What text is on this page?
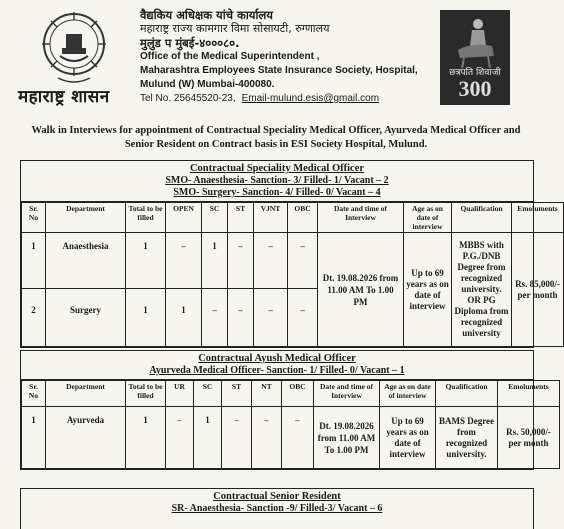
महाराष्ट्र शासन
वैद्यकिय अधिक्षक यांचे कार्यालय
महाराष्ट्र राज्य कामगार विमा सोसायटी, रुग्णालय
मुलुंड प मुंबई-४०००८०.
Office of the Medical Superintendent ,
Maharashtra Employees State Insurance Society, Hospital,
Mulund (W) Mumbai-400080.
Tel No. 25645520-23, Email-mulund.esis@gmail.com
छत्रपति शिवाजी
300
Walk in Interviews for appointment of Contractual Speciality Medical Officer, Ayurveda Medical Officer and Senior Resident on Contract basis in ESI Society Hospital, Mulund.
Contractual Speciality Medical Officer
SMO- Anaesthesia- Sanction- 3/ Filled- 1/ Vacant – 2
SMO- Surgery- Sanction- 4/ Filled- 0/ Vacant – 4
Sr. No	Department	Total to be filled	OPEN	SC	ST	VJNT	OBC	Date and time of Interview	Age as on date of interview	Qualification	Emoluments
1	Anaesthesia	1	–	1	–	–	–	Dt. 19.08.2026 from 11.00 AM To 1.00 PM	Up to 69 years as on date of interview	MBBS with P.G./DNB Degree from recognized university. OR PG Diploma from recognized university	Rs. 85,000/- per month
2	Surgery	1	1	–	–	–	–				
Contractual Ayush Medical Officer
Ayurveda Medical Officer- Sanction- 1/ Filled- 0/ Vacant – 1
Sr. No	Department	Total to be filled	UR	SC	ST	NT	OBC	Date and time of Interview	Age as on date of interview	Qualification	Emoluments
1	Ayurveda	1	–	1	–	–	–	Dt. 19.08.2026 from 11.00 AM To 1.00 PM	Up to 69 years as on date of interview	BAMS Degree from recognized university.	Rs. 50,000/- per month
Contractual Senior Resident
SR- Anaesthesia- Sanction -9/ Filled-3/ Vacant – 6
